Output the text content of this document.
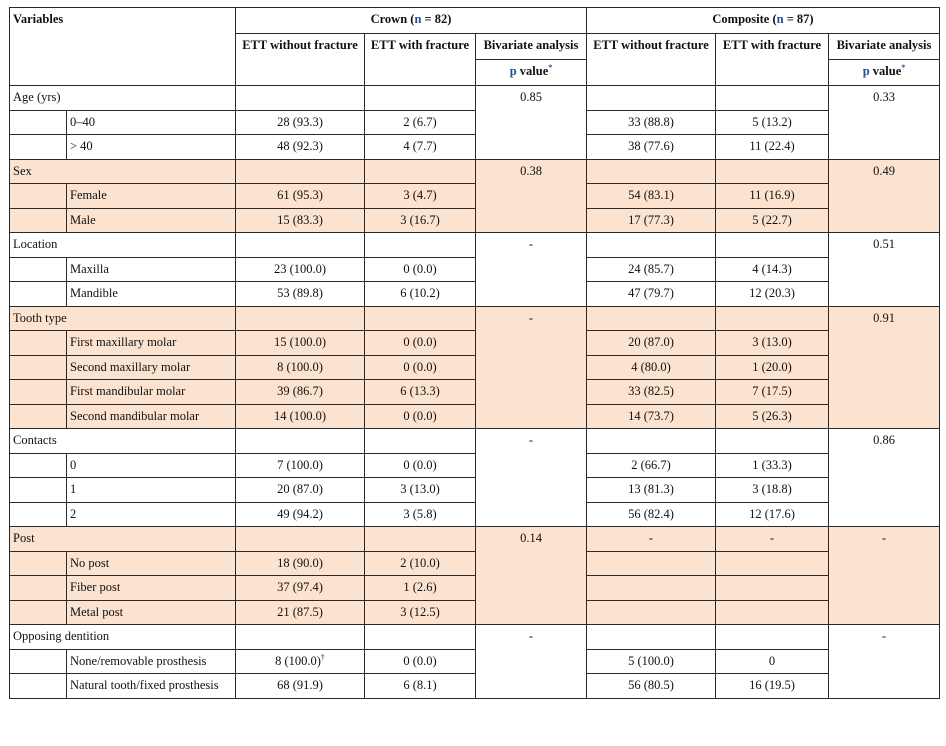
Variables		Crown (n = 82)			Composite (n = 87)		
		ETT without fracture	ETT with fracture	Bivariate analysis	ETT without fracture	ETT with fracture	Bivariate analysis
				p value*			p value*
Age (yrs)				0.85			0.33
	0–40	28 (93.3)	2 (6.7)		33 (88.8)	5 (13.2)	
	> 40	48 (92.3)	4 (7.7)		38 (77.6)	11 (22.4)	
Sex				0.38			0.49
	Female	61 (95.3)	3 (4.7)		54 (83.1)	11 (16.9)	
	Male	15 (83.3)	3 (16.7)		17 (77.3)	5 (22.7)	
Location				-			0.51
	Maxilla	23 (100.0)	0 (0.0)		24 (85.7)	4 (14.3)	
	Mandible	53 (89.8)	6 (10.2)		47 (79.7)	12 (20.3)	
Tooth type				-			0.91
	First maxillary molar	15 (100.0)	0 (0.0)		20 (87.0)	3 (13.0)	
	Second maxillary molar	8 (100.0)	0 (0.0)		4 (80.0)	1 (20.0)	
	First mandibular molar	39 (86.7)	6 (13.3)		33 (82.5)	7 (17.5)	
	Second mandibular molar	14 (100.0)	0 (0.0)		14 (73.7)	5 (26.3)	
Contacts				-			0.86
	0	7 (100.0)	0 (0.0)		2 (66.7)	1 (33.3)	
	1	20 (87.0)	3 (13.0)		13 (81.3)	3 (18.8)	
	2	49 (94.2)	3 (5.8)		56 (82.4)	12 (17.6)	
Post				0.14	-	-	-
	No post	18 (90.0)	2 (10.0)				
	Fiber post	37 (97.4)	1 (2.6)				
	Metal post	21 (87.5)	3 (12.5)				
Opposing dentition				-			-
	None/removable prosthesis	8 (100.0)†	0 (0.0)		5 (100.0)	0	
	Natural tooth/fixed prosthesis	68 (91.9)	6 (8.1)		56 (80.5)	16 (19.5)	
